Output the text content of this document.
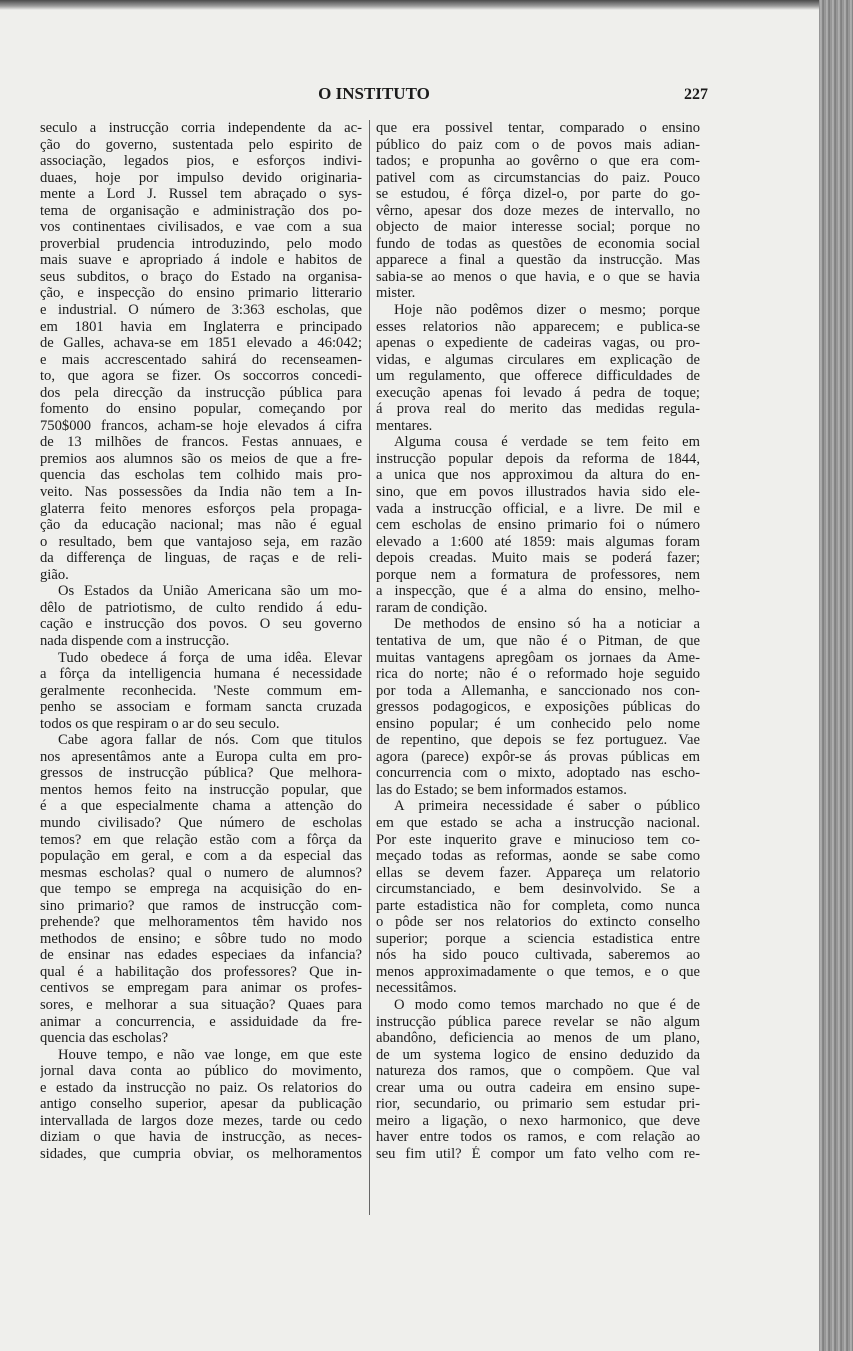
O INSTITUTO	227
seculo a instrucção corria independente da ac-
ção do governo, sustentada pelo espirito de
associação, legados pios, e esforços indivi-
duaes, hoje por impulso devido originaria-
mente a Lord J. Russel tem abraçado o sys-
tema de organisação e administração dos po-
vos continentaes civilisados, e vae com a sua
proverbial prudencia introduzindo, pelo modo
mais suave e apropriado á indole e habitos de
seus subditos, o braço do Estado na organisa-
ção, e inspecção do ensino primario litterario
e industrial. O número de 3:363 escholas, que
em 1801 havia em Inglaterra e principado
de Galles, achava-se em 1851 elevado a 46:042;
e mais accrescentado sahirá do recenseamen-
to, que agora se fizer. Os soccorros concedi-
dos pela direcção da instrucção pública para
fomento do ensino popular, começando por
750$000 francos, acham-se hoje elevados á cifra
de 13 milhões de francos. Festas annuaes, e
premios aos alumnos são os meios de que a fre-
quencia das escholas tem colhido mais pro-
veito. Nas possessões da India não tem a In-
glaterra feito menores esforços pela propaga-
ção da educação nacional; mas não é egual
o resultado, bem que vantajoso seja, em razão
da differença de linguas, de raças e de reli-
gião.
Os Estados da União Americana são um mo-
dêlo de patriotismo, de culto rendido á edu-
cação e instrucção dos povos. O seu governo
nada dispende com a instrucção.
Tudo obedece á força de uma idêa. Elevar
a fôrça da intelligencia humana é necessidade
geralmente reconhecida. 'Neste commum em-
penho se associam e formam sancta cruzada
todos os que respiram o ar do seu seculo.
Cabe agora fallar de nós. Com que titulos
nos apresentâmos ante a Europa culta em pro-
gressos de instrucção pública? Que melhora-
mentos hemos feito na instrucção popular, que
é a que especialmente chama a attenção do
mundo civilisado? Que número de escholas
temos? em que relação estão com a fôrça da
população em geral, e com a da especial das
mesmas escholas? qual o numero de alumnos?
que tempo se emprega na acquisição do en-
sino primario? que ramos de instrucção com-
prehende? que melhoramentos têm havido nos
methodos de ensino; e sôbre tudo no modo
de ensinar nas edades especiaes da infancia?
qual é a habilitação dos professores? Que in-
centivos se empregam para animar os profes-
sores, e melhorar a sua situação? Quaes para
animar a concurrencia, e assiduidade da fre-
quencia das escholas?
Houve tempo, e não vae longe, em que este
jornal dava conta ao público do movimento,
e estado da instrucção no paiz. Os relatorios do
antigo conselho superior, apesar da publicação
intervallada de largos doze mezes, tarde ou cedo
diziam o que havia de instrucção, as neces-
sidades, que cumpria obviar, os melhoramentos
que era possivel tentar, comparado o ensino
público do paiz com o de povos mais adian-
tados; e propunha ao govêrno o que era com-
pativel com as circumstancias do paiz. Pouco
se estudou, é fôrça dizel-o, por parte do go-
vêrno, apesar dos doze mezes de intervallo, no
objecto de maior interesse social; porque no
fundo de todas as questões de economia social
apparece a final a questão da instrucção. Mas
sabia-se ao menos o que havia, e o que se havia
mister.
Hoje não podêmos dizer o mesmo; porque
esses relatorios não apparecem; e publica-se
apenas o expediente de cadeiras vagas, ou pro-
vidas, e algumas circulares em explicação de
um regulamento, que offerece difficuldades de
execução apenas foi levado á pedra de toque;
á prova real do merito das medidas regula-
mentares.
Alguma cousa é verdade se tem feito em
instrucção popular depois da reforma de 1844,
a unica que nos approximou da altura do en-
sino, que em povos illustrados havia sido ele-
vada a instrucção official, e a livre. De mil e
cem escholas de ensino primario foi o número
elevado a 1:600 até 1859: mais algumas foram
depois creadas. Muito mais se poderá fazer;
porque nem a formatura de professores, nem
a inspecção, que é a alma do ensino, melho-
raram de condição.
De methodos de ensino só ha a noticiar a
tentativa de um, que não é o Pitman, de que
muitas vantagens apregôam os jornaes da Ame-
rica do norte; não é o reformado hoje seguido
por toda a Allemanha, e sanccionado nos con-
gressos podagogicos, e exposições públicas do
ensino popular; é um conhecido pelo nome
de repentino, que depois se fez portuguez. Vae
agora (parece) expôr-se ás provas públicas em
concurrencia com o mixto, adoptado nas escho-
las do Estado; se bem informados estamos.
A primeira necessidade é saber o público
em que estado se acha a instrucção nacional.
Por este inquerito grave e minucioso tem co-
meçado todas as reformas, aonde se sabe como
ellas se devem fazer. Appareça um relatorio
circumstanciado, e bem desinvolvido. Se a
parte estadistica não for completa, como nunca
o pôde ser nos relatorios do extincto conselho
superior; porque a sciencia estadistica entre
nós ha sido pouco cultivada, saberemos ao
menos approximadamente o que temos, e o que
necessitâmos.
O modo como temos marchado no que é de
instrucção pública parece revelar se não algum
abandôno, deficiencia ao menos de um plano,
de um systema logico de ensino deduzido da
natureza dos ramos, que o compõem. Que val
crear uma ou outra cadeira em ensino supe-
rior, secundario, ou primario sem estudar pri-
meiro a ligação, o nexo harmonico, que deve
haver entre todos os ramos, e com relação ao
seu fim util? É compor um fato velho com re-
